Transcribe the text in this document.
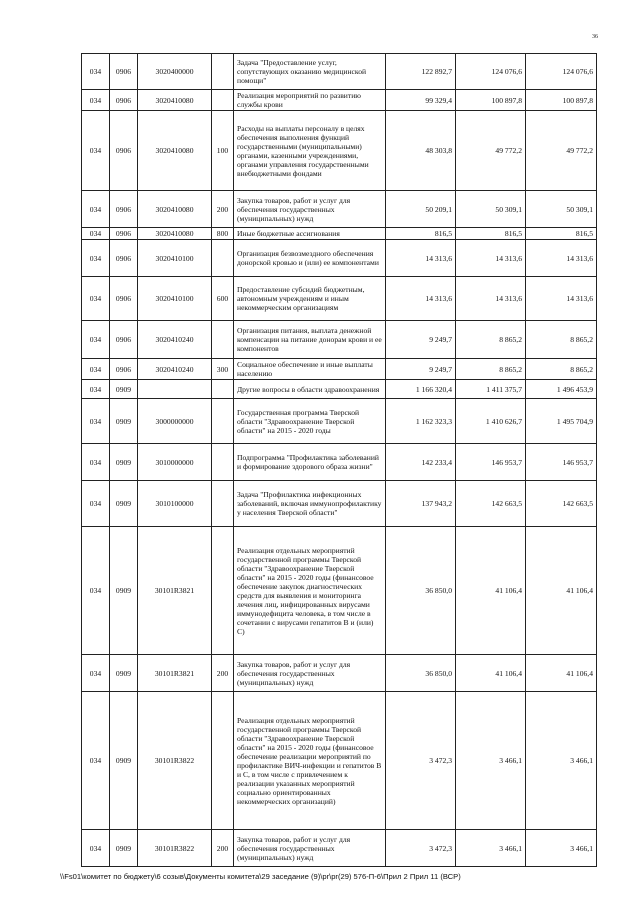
36
034	0906	3020400000		Задача "Предоставление услуг, сопутствующих оказанию медицинской помощи"	122 892,7	124 076,6	124 076,6
034	0906	3020410080		Реализация мероприятий по развитию службы крови	99 329,4	100 897,8	100 897,8
034	0906	3020410080	100	Расходы на выплаты персоналу в целях обеспечения выполнения функций государственными (муниципальными) органами, казенными учреждениями, органами управления государственными внебюджетными фондами	48 303,8	49 772,2	49 772,2
034	0906	3020410080	200	Закупка товаров, работ и услуг для обеспечения государственных (муниципальных) нужд	50 209,1	50 309,1	50 309,1
034	0906	3020410080	800	Иные бюджетные ассигнования	816,5	816,5	816,5
034	0906	3020410100		Организация безвозмездного обеспечения донорской кровью и (или) ее компонентами	14 313,6	14 313,6	14 313,6
034	0906	3020410100	600	Предоставление субсидий бюджетным, автономным учреждениям и иным некоммерческим организациям	14 313,6	14 313,6	14 313,6
034	0906	3020410240		Организация питания, выплата денежной компенсации на питание донорам крови и ее компонентов	9 249,7	8 865,2	8 865,2
034	0906	3020410240	300	Социальное обеспечение и иные выплаты населению	9 249,7	8 865,2	8 865,2
034	0909			Другие вопросы в области здравоохранения	1 166 320,4	1 411 375,7	1 496 453,9
034	0909	3000000000		Государственная программа Тверской области "Здравоохранение Тверской области" на 2015 - 2020 годы	1 162 323,3	1 410 626,7	1 495 704,9
034	0909	3010000000		Подпрограмма "Профилактика заболеваний и формирование здорового образа жизни"	142 233,4	146 953,7	146 953,7
034	0909	3010100000		Задача "Профилактика инфекционных заболеваний, включая иммунопрофилактику у населения Тверской области"	137 943,2	142 663,5	142 663,5
034	0909	30101R3821		Реализация отдельных мероприятий государственной программы Тверской области "Здравоохранение Тверской области" на 2015 - 2020 годы (финансовое обеспечение закупок диагностических средств для выявления и мониторинга лечения лиц, инфицированных вирусами иммунодефицита человека, в том числе в сочетании с вирусами гепатитов B и (или) C)	36 850,0	41 106,4	41 106,4
034	0909	30101R3821	200	Закупка товаров, работ и услуг для обеспечения государственных (муниципальных) нужд	36 850,0	41 106,4	41 106,4
034	0909	30101R3822		Реализация отдельных мероприятий государственной программы Тверской области "Здравоохранение Тверской области" на 2015 - 2020 годы (финансовое обеспечение реализации мероприятий по профилактике ВИЧ-инфекции и гепатитов B и C, в том числе с привлечением к реализации указанных мероприятий социально ориентированных некоммерческих организаций)	3 472,3	3 466,1	3 466,1
034	0909	30101R3822	200	Закупка товаров, работ и услуг для обеспечения государственных (муниципальных) нужд	3 472,3	3 466,1	3 466,1
\\Fs01\комитет по бюджету\6 созыв\Документы комитета\29 заседание (9)\pr\pr(29) 576-П-6\Прил 2 Прил 11 (ВСР)
